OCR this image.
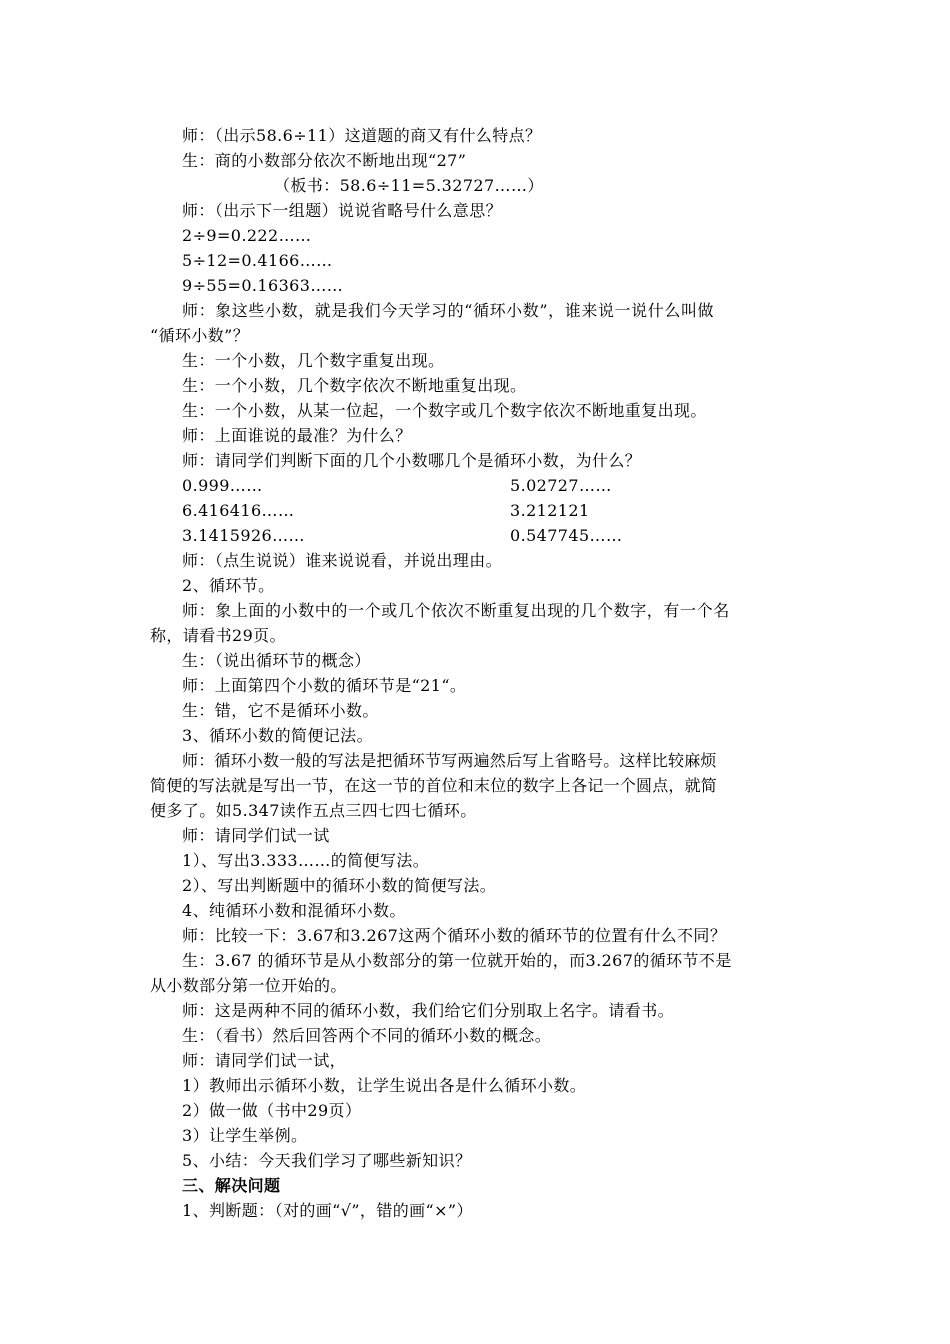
师：（出示58.6÷11）这道题的商又有什么特点？
生：商的小数部分依次不断地出现“27”
（板书：58.6÷11=5.32727……）
师：（出示下一组题）说说省略号什么意思？
2÷9=0.222……
5÷12=0.4166……
9÷55=0.16363……
师：象这些小数，就是我们今天学习的“循环小数”，谁来说一说什么叫做
“循环小数”？
生：一个小数，几个数字重复出现。
生：一个小数，几个数字依次不断地重复出现。
生：一个小数，从某一位起，一个数字或几个数字依次不断地重复出现。
师：上面谁说的最准？为什么？
师：请同学们判断下面的几个小数哪几个是循环小数，为什么？
0.999……	5.02727……
6.416416……	3.212121
3.1415926……	0.547745……
师：（点生说说）谁来说说看，并说出理由。
2、循环节。
师：象上面的小数中的一个或几个依次不断重复出现的几个数字，有一个名
称，请看书29页。
生：（说出循环节的概念）
师：上面第四个小数的循环节是“21“。
生：错，它不是循环小数。
3、循环小数的简便记法。
师：循环小数一般的写法是把循环节写两遍然后写上省略号。这样比较麻烦
简便的写法就是写出一节，在这一节的首位和末位的数字上各记一个圆点，就简
便多了。如5.347读作五点三四七四七循环。
师：请同学们试一试
1）、写出3.333……的简便写法。
2）、写出判断题中的循环小数的简便写法。
4、纯循环小数和混循环小数。
师：比较一下：3.67和3.267这两个循环小数的循环节的位置有什么不同？
生：3.67 的循环节是从小数部分的第一位就开始的，而3.267的循环节不是
从小数部分第一位开始的。
师：这是两种不同的循环小数，我们给它们分别取上名字。请看书。
生：（看书）然后回答两个不同的循环小数的概念。
师：请同学们试一试，
1）教师出示循环小数，让学生说出各是什么循环小数。
2）做一做（书中29页）
3）让学生举例。
5、小结：今天我们学习了哪些新知识？
三、解决问题
1、判断题：（对的画“√”，错的画“×”）
